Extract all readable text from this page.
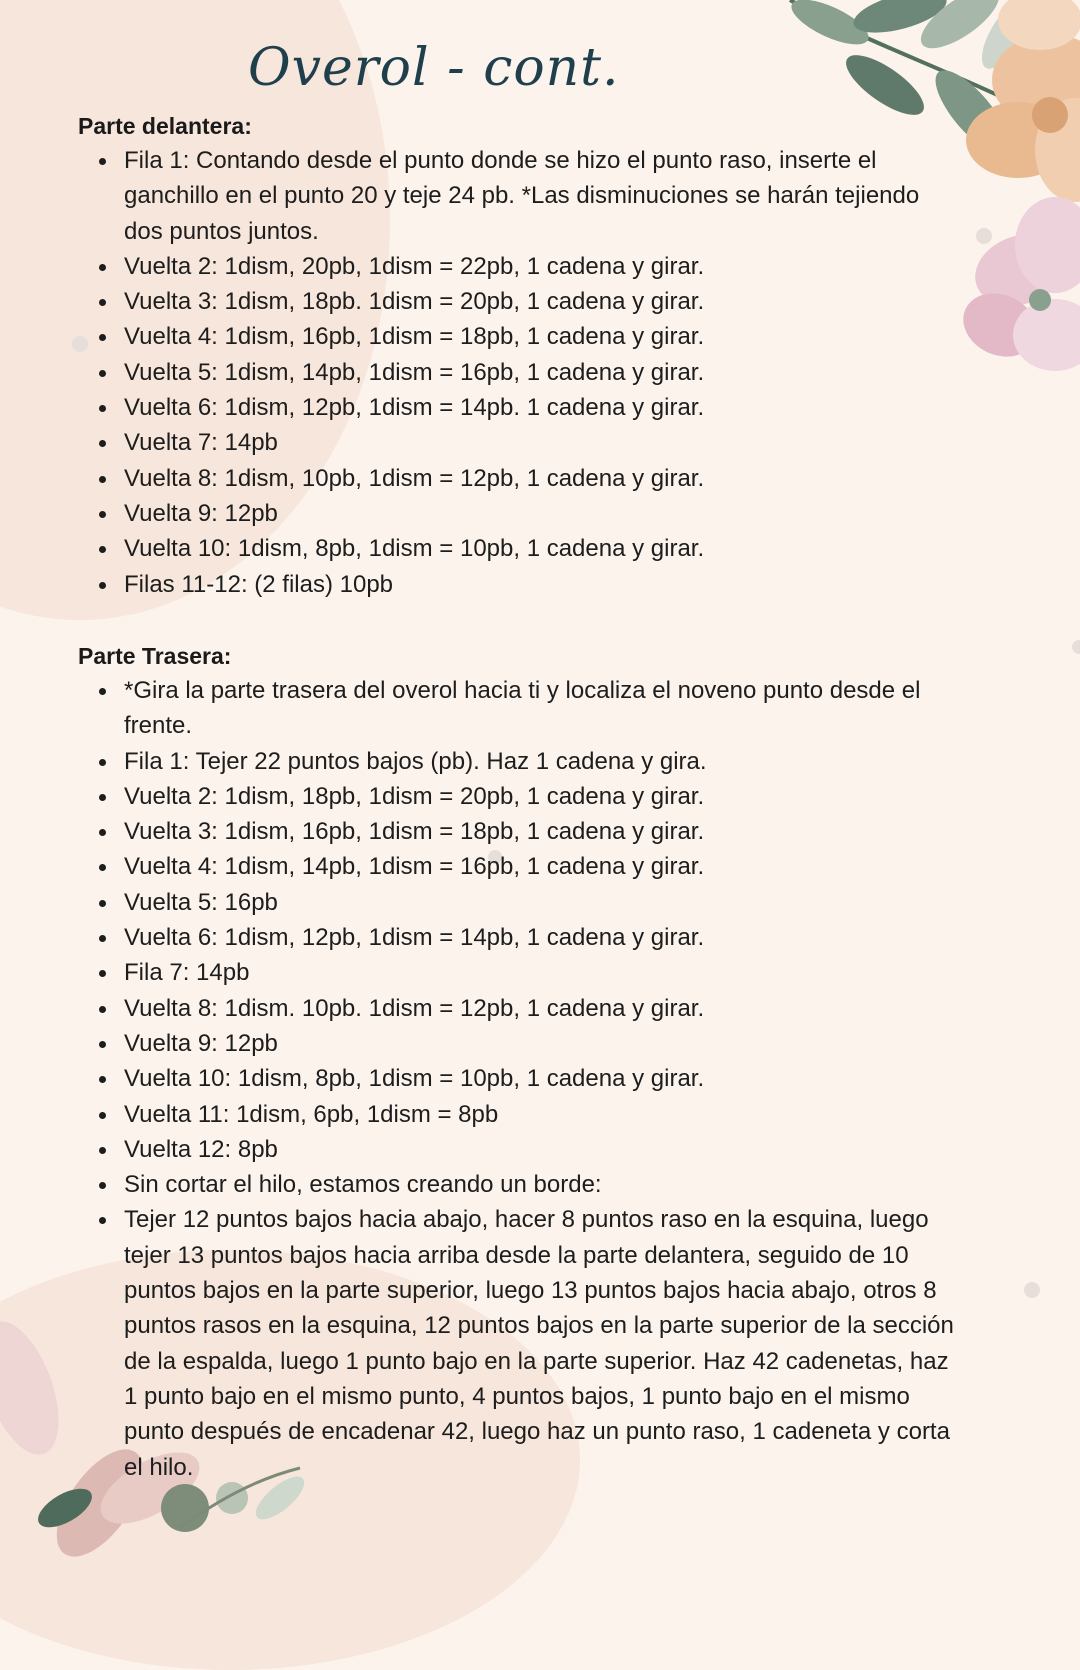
Overol - cont.
Parte delantera:
Fila 1: Contando desde el punto donde se hizo el punto raso, inserte el ganchillo en el punto 20 y teje 24 pb. *Las disminuciones se harán tejiendo dos puntos juntos.
Vuelta 2: 1dism, 20pb, 1dism = 22pb, 1 cadena y girar.
Vuelta 3: 1dism, 18pb. 1dism = 20pb, 1 cadena y girar.
Vuelta 4: 1dism, 16pb, 1dism = 18pb, 1 cadena y girar.
Vuelta 5: 1dism, 14pb, 1dism = 16pb, 1 cadena y girar.
Vuelta 6: 1dism, 12pb, 1dism = 14pb. 1 cadena y girar.
Vuelta 7: 14pb
Vuelta 8: 1dism, 10pb, 1dism = 12pb, 1 cadena y girar.
Vuelta 9: 12pb
Vuelta 10: 1dism, 8pb, 1dism = 10pb, 1 cadena y girar.
Filas 11-12: (2 filas) 10pb
Parte Trasera:
*Gira la parte trasera del overol hacia ti y localiza el noveno punto desde el frente.
Fila 1: Tejer 22 puntos bajos (pb). Haz 1 cadena y gira.
Vuelta 2: 1dism, 18pb, 1dism = 20pb, 1 cadena y girar.
Vuelta 3: 1dism, 16pb, 1dism = 18pb, 1 cadena y girar.
Vuelta 4: 1dism, 14pb, 1dism = 16pb, 1 cadena y girar.
Vuelta 5: 16pb
Vuelta 6: 1dism, 12pb, 1dism = 14pb, 1 cadena y girar.
Fila 7: 14pb
Vuelta 8: 1dism. 10pb. 1dism = 12pb, 1 cadena y girar.
Vuelta 9: 12pb
Vuelta 10: 1dism, 8pb, 1dism = 10pb, 1 cadena y girar.
Vuelta 11: 1dism, 6pb, 1dism = 8pb
Vuelta 12: 8pb
Sin cortar el hilo, estamos creando un borde:
Tejer 12 puntos bajos hacia abajo, hacer 8 puntos raso en la esquina, luego tejer 13 puntos bajos hacia arriba desde la parte delantera, seguido de 10 puntos bajos en la parte superior, luego 13 puntos bajos hacia abajo, otros 8 puntos rasos en la esquina, 12 puntos bajos en la parte superior de la sección de la espalda, luego 1 punto bajo en la parte superior. Haz 42 cadenetas, haz 1 punto bajo en el mismo punto, 4 puntos bajos, 1 punto bajo en el mismo punto después de encadenar 42, luego haz un punto raso, 1 cadeneta y corta el hilo.
